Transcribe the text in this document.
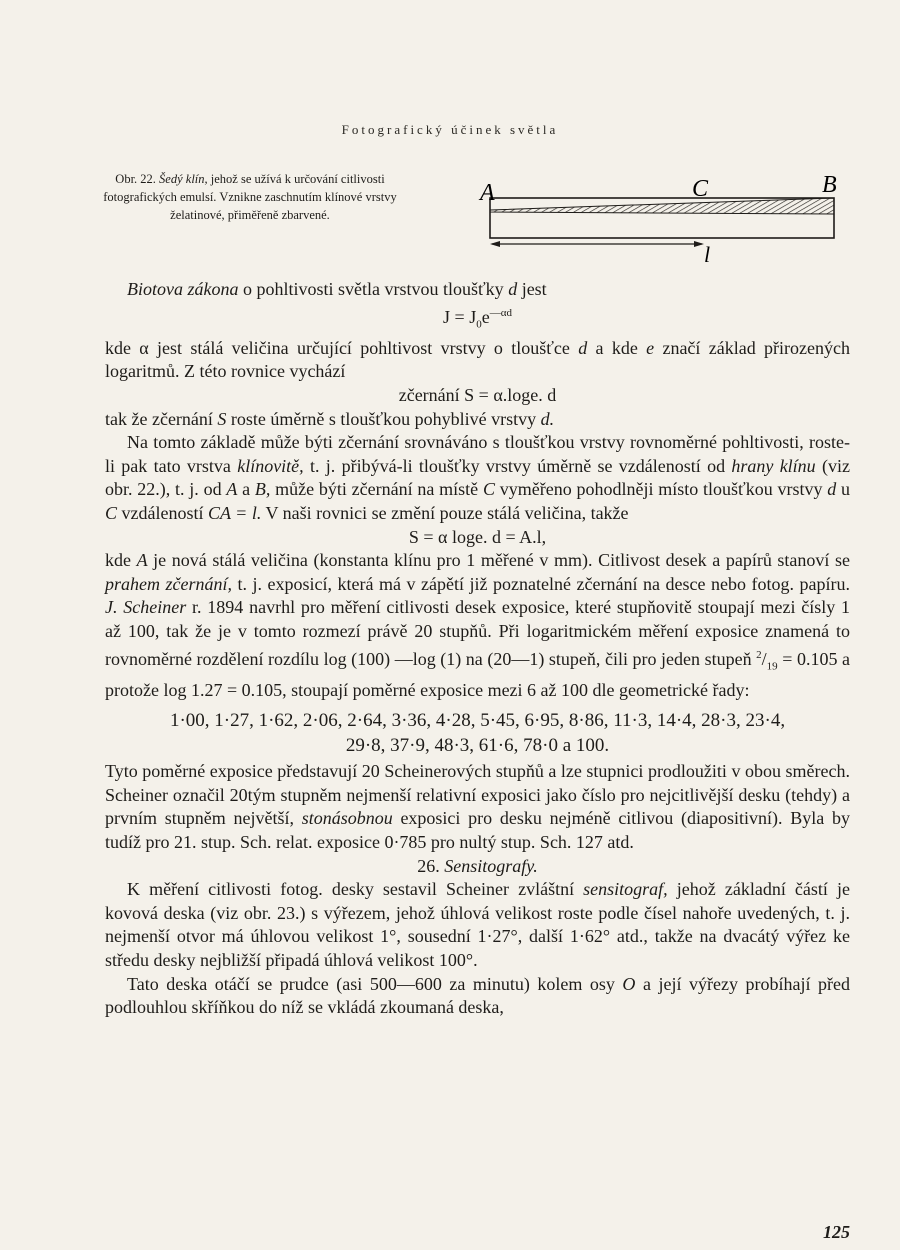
Fotografický účinek světla
Obr. 22. Šedý klín, jehož se užívá k určování citlivosti fotografických emulsí. Vznikne zaschnutím klínové vrstvy želatinové, přiměřeně zbarvené.
A	C	B
l

Biotova zákona o pohltivosti světla vrstvou tloušťky d jest

$J = J_0e^{—\alpha d}$

kde α jest stálá veličina určující pohltivost vrstvy o tloušťce d a kde e značí základ přirozených logaritmů. Z této rovnice vychází

zčernání S = α.loge. d

tak že zčernání S roste úměrně s tloušťkou pohyblivé vrstvy d.

Na tomto základě může býti zčernání srovnáváno s tloušťkou vrstvy rovnoměrné pohltivosti, roste-li pak tato vrstva klínovitě, t. j. přibývá-li tloušťky vrstvy úměrně se vzdáleností od hrany klínu (viz obr. 22.), t. j. od A a B, může býti zčernání na místě C vyměřeno pohodlněji místo tloušťkou vrstvy d u C vzdáleností CA = l. V naši rovnici se změní pouze stálá veličina, takže

S = α loge. d = A.l,

kde A je nová stálá veličina (konstanta klínu pro 1 měřené v mm). Citlivost desek a papírů stanoví se prahem zčernání, t. j. exposicí, která má v zápětí již poznatelné zčernání na desce nebo fotog. papíru. J. Scheiner r. 1894 navrhl pro měření citlivosti desek exposice, které stupňovitě stoupají mezi čísly 1 až 100, tak že je v tomto rozmezí právě 20 stupňů. Při logaritmickém měření exposice znamená to rovnoměrné rozdělení rozdílu log (100) —log (1) na (20—1) stupeň, čili pro jeden stupeň $^2/_{19} = 0.105$ a protože log 1.27 = 0.105, stoupají poměrné exposice mezi 6 až 100 dle geometrické řady:

1·00, 1·27, 1·62, 2·06, 2·64, 3·36, 4·28, 5·45, 6·95, 8·86, 11·3, 14·4, 28·3, 23·4,
29·8, 37·9, 48·3, 61·6, 78·0 a 100.

Tyto poměrné exposice představují 20 Scheinerových stupňů a lze stupnici prodloužiti v obou směrech. Scheiner označil 20tým stupněm nejmenší relativní exposici jako číslo pro nejcitlivější desku (tehdy) a prvním stupněm největší, stonásobnou exposici pro desku nejméně citlivou (diapositivní). Byla by tudíž pro 21. stup. Sch. relat. exposice 0·785 pro nultý stup. Sch. 127 atd.

26. Sensitografy.

K měření citlivosti fotog. desky sestavil Scheiner zvláštní sensitograf, jehož základní částí je kovová deska (viz obr. 23.) s výřezem, jehož úhlová velikost roste podle čísel nahoře uvedených, t. j. nejmenší otvor má úhlovou velikost 1°, sousední 1·27°, další 1·62° atd., takže na dvacátý výřez ke středu desky nejbližší připadá úhlová velikost 100°.

Tato deska otáčí se prudce (asi 500—600 za minutu) kolem osy O a její výřezy probíhají před podlouhlou skříňkou do níž se vkládá zkoumaná deska,

125
